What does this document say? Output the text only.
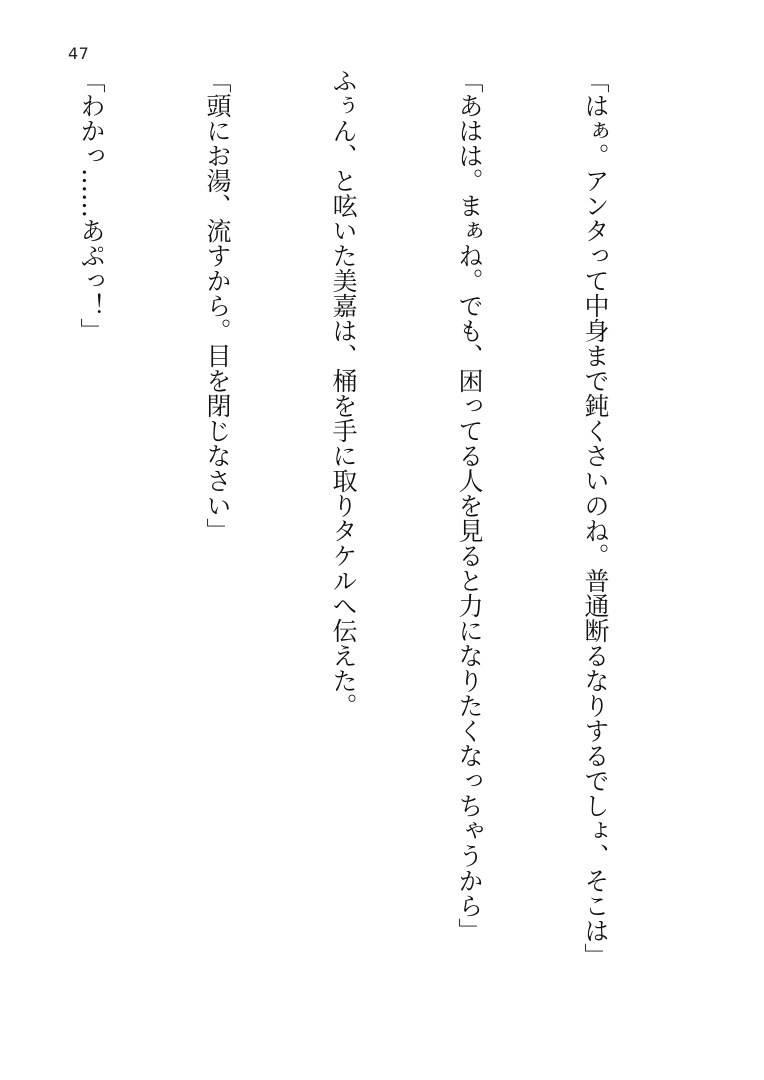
47

「はぁ。アンタって中身まで鈍くさいのね。普通断るなりするでしょ、そこは」

「あはは。まぁね。でも、困ってる人を見ると力になりたくなっちゃうから」

ふぅん、と呟いた美嘉は、桶を手に取りタケルへ伝えた。

「頭にお湯、流すから。目を閉じなさい」

「わかっ……あぷっ！」
